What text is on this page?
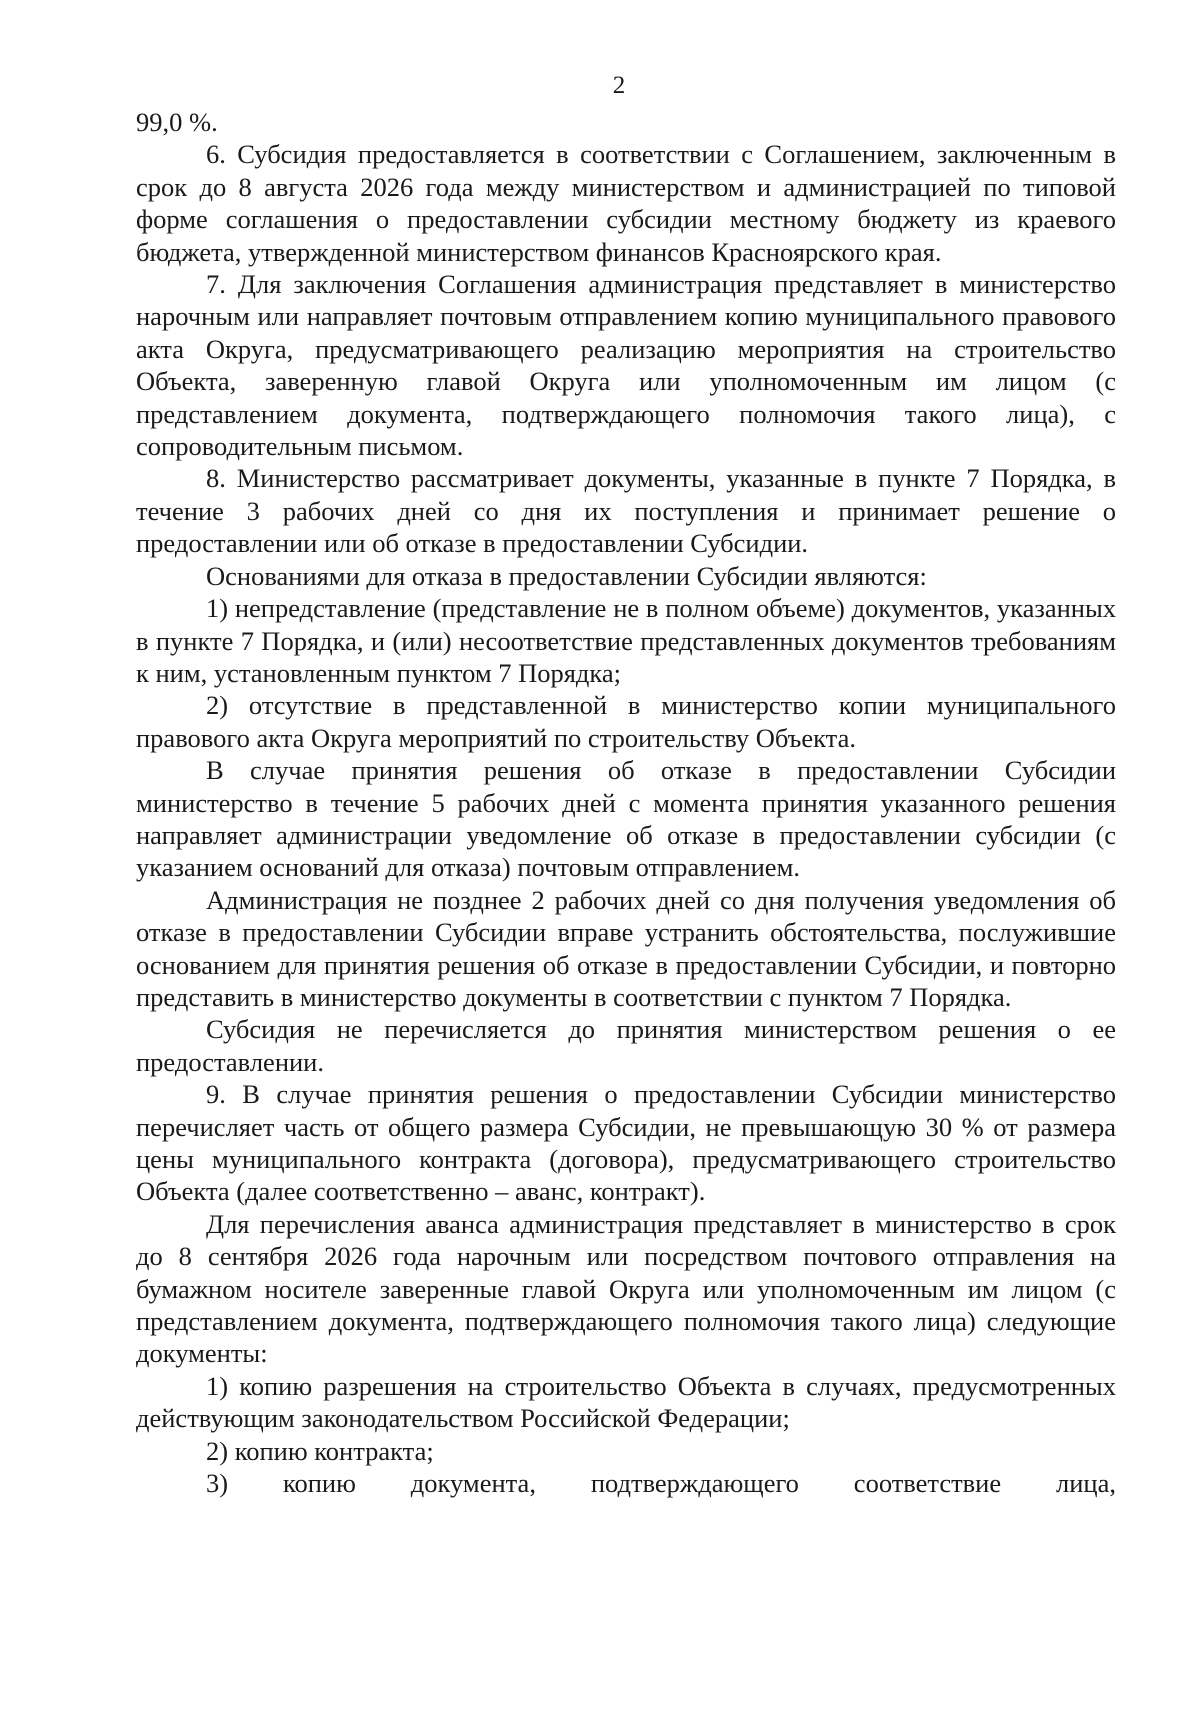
2

99,0 %.

6. Субсидия предоставляется в соответствии с Соглашением, заключенным в срок до 8 августа 2026 года между министерством и администрацией по типовой форме соглашения о предоставлении субсидии местному бюджету из краевого бюджета, утвержденной министерством финансов Красноярского края.

7. Для заключения Соглашения администрация представляет в министерство нарочным или направляет почтовым отправлением копию муниципального правового акта Округа, предусматривающего реализацию мероприятия на строительство Объекта, заверенную главой Округа или уполномоченным им лицом (с представлением документа, подтверждающего полномочия такого лица), с сопроводительным письмом.

8. Министерство рассматривает документы, указанные в пункте 7 Порядка, в течение 3 рабочих дней со дня их поступления и принимает решение о предоставлении или об отказе в предоставлении Субсидии.

Основаниями для отказа в предоставлении Субсидии являются:

1) непредставление (представление не в полном объеме) документов, указанных в пункте 7 Порядка, и (или) несоответствие представленных документов требованиям к ним, установленным пунктом 7 Порядка;

2) отсутствие в представленной в министерство копии муниципального правового акта Округа мероприятий по строительству Объекта.

В случае принятия решения об отказе в предоставлении Субсидии министерство в течение 5 рабочих дней с момента принятия указанного решения направляет администрации уведомление об отказе в предоставлении субсидии (с указанием оснований для отказа) почтовым отправлением.

Администрация не позднее 2 рабочих дней со дня получения уведомления об отказе в предоставлении Субсидии вправе устранить обстоятельства, послужившие основанием для принятия решения об отказе в предоставлении Субсидии, и повторно представить в министерство документы в соответствии с пунктом 7 Порядка.

Субсидия не перечисляется до принятия министерством решения о ее предоставлении.

9. В случае принятия решения о предоставлении Субсидии министерство перечисляет часть от общего размера Субсидии, не превышающую 30 % от размера цены муниципального контракта (договора), предусматривающего строительство Объекта (далее соответственно – аванс, контракт).

Для перечисления аванса администрация представляет в министерство в срок до 8 сентября 2026 года нарочным или посредством почтового отправления на бумажном носителе заверенные главой Округа или уполномоченным им лицом (с представлением документа, подтверждающего полномочия такого лица) следующие документы:

1) копию разрешения на строительство Объекта в случаях, предусмотренных действующим законодательством Российской Федерации;

2) копию контракта;

3) копию документа, подтверждающего соответствие лица,
